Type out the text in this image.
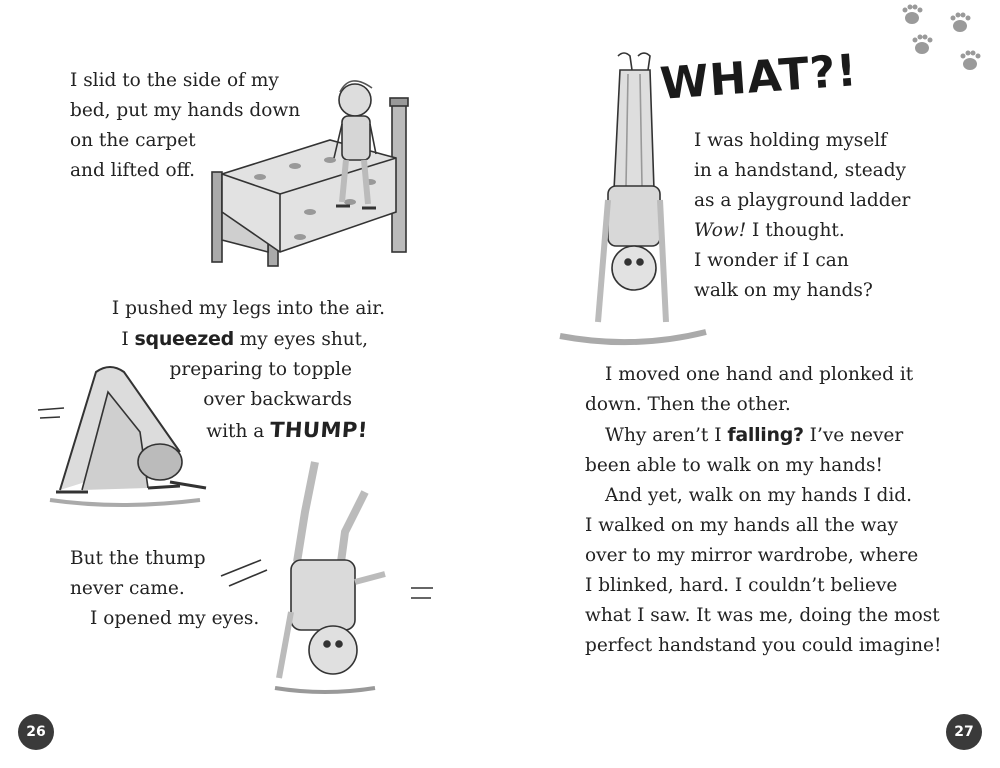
I slid to the side of my
bed, put my hands down
on the carpet
and lifted off.
I pushed my legs into the air.
I squeezed my eyes shut,
preparing to topple
over backwards
with a THUMP!
But the thump
never came.
I opened my eyes.
26	27
I was holding myself
in a handstand, steady
as a playground ladder
Wow! I thought.
I wonder if I can
walk on my hands?
I moved one hand and plonked it
down. Then the other.
Why aren’t I falling? I’ve never
been able to walk on my hands!
And yet, walk on my hands I did.
I walked on my hands all the way
over to my mirror wardrobe, where
I blinked, hard. I couldn’t believe
what I saw. It was me, doing the most
perfect handstand you could imagine!
WHAT?!
